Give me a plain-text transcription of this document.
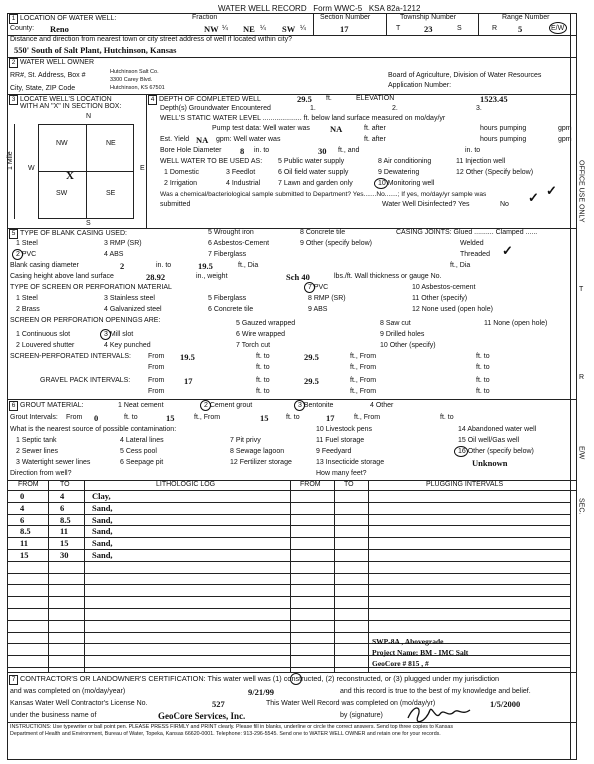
WATER WELL RECORD Form WWC-5 KSA 82a-1212
1 LOCATION OF WATER WELL:
County: Reno
Fraction
NW ¼ NE ¼ SW ¼
Section Number
17
Township Number
T	23	S
Range Number
R 5	E/W
Distance and direction from nearest town or city street address of well if located within city?
550' South of Salt Plant, Hutchinson, Kansas
2 WATER WELL OWNER
RR#, St. Address, Box #
City, State, ZIP Code
Hutchinson Salt Co.
3300 Carey Blvd.
Hutchinson, KS 67501
Board of Agriculture, Division of Water Resources
Application Number:
3 LOCATE WELL'S LOCATION
WITH AN "X" IN SECTION BOX:
N
S
W	E
1 Mile
NW	NE
SW	SE
X
4 DEPTH OF COMPLETED WELL	29.5 ft.	ELEVATION	1523.45
Depth(s) Groundwater Encountered	1.	2.	3.
WELL'S STATIC WATER LEVEL .................... ft. below land surface measured on mo/day/yr
Pump test data: Well water was NA	ft. after	hours pumping	gpm
Est. Yield NA gpm: Well water was	ft. after	hours pumping	gpm
Bore Hole Diameter 8 in. to	30 ft., and	in. to
WELL WATER TO BE USED AS: 5 Public water supply	8 Air conditioning	11 Injection well
1 Domestic	3 Feedlot	6 Oil field water supply	9 Dewatering	12 Other (Specify below)
2 Irrigation	4 Industrial	7 Lawn and garden only	10 Monitoring well
Was a chemical/bacteriological sample submitted to Department? Yes.......No.......; If yes, mo/day/yr sample was
submitted	Water Well Disinfected? Yes	No ✓ ✓
5 TYPE OF BLANK CASING USED:	5 Wrought iron	8 Concrete tile	CASING JOINTS: Glued .......... Clamped ......
1 Steel	3 RMP (SR)	6 Asbestos-Cement	9 Other (specify below)	Welded
2 PVC	4 ABS	7 Fiberglass	Threaded ✓
Blank casing diameter	2	in. to	19.5	ft., Dia	ft., Dia
Casing height above land surface	28.92	in., weight	Sch 40	lbs./ft. Wall thickness or gauge No.
TYPE OF SCREEN OR PERFORATION MATERIAL	7 PVC	10 Asbestos-cement
1 Steel	3 Stainless steel	5 Fiberglass	8 RMP (SR)	11 Other (specify)
2 Brass	4 Galvanized steel	6 Concrete tile	9 ABS	12 None used (open hole)
SCREEN OR PERFORATION OPENINGS ARE:	5 Gauzed wrapped	8 Saw cut	11 None (open hole)
1 Continuous slot	3 Mill slot	6 Wire wrapped	9 Drilled holes
2 Louvered shutter	4 Key punched	7 Torch cut	10 Other (specify)
SCREEN-PERFORATED INTERVALS: From 19.5	ft. to	29.5	ft., From	ft. to
From	ft. to	ft., From	ft. to
GRAVEL PACK INTERVALS:	From 17	ft. to	29.5	ft., From	ft. to
From	ft. to	ft., From	ft. to
6 GROUT MATERIAL:	1 Neat cement	2 Cement grout	3 Bentonite	4 Other
Grout Intervals: From 0	ft. to	15	ft., From	15	ft. to	17	ft., From	ft. to
What is the nearest source of possible contamination:	10 Livestock pens	14 Abandoned water well
1 Septic tank	4 Lateral lines	7 Pit privy	11 Fuel storage	15 Oil well/Gas well
2 Sewer lines	5 Cess pool	8 Sewage lagoon	9 Feedyard	16 Other (specify below)
3 Watertight sewer lines	6 Seepage pit	12 Fertilizer storage	13 Insecticide storage	Unknown
Direction from well?	How many feet?
FROM	TO	LITHOLOGIC LOG	FROM	TO	PLUGGING INTERVALS
0	4	Clay,
4	6	Sand,
6	8.5	Sand,
8.5	11	Sand,
11	15	Sand,
15	30	Sand,
SWP-8A , Abovegrade
Project Name: BM - IMC Salt
GeoCore # 815 , #
7 CONTRACTOR'S OR LANDOWNER'S CERTIFICATION: This water well was (1) constructed, (2) reconstructed, or (3) plugged under my jurisdiction
and was completed on (mo/day/year)	9/21/99	and this record is true to the best of my knowledge and belief.
Kansas Water Well Contractor's License No.	527	This Water Well Record was completed on (mo/day/yr)	1/5/2000
under the business name of	GeoCore Services, Inc.	by (signature)
INSTRUCTIONS: Use typewriter or ball point pen. PLEASE PRESS FIRMLY and PRINT clearly. Please fill in blanks, underline or circle the correct answers. Send top three copies to Kansas
Department of Health and Environment, Bureau of Water, Topeka, Kansas 66620-0001. Telephone: 913-296-5545. Send one to WATER WELL OWNER and retain one for your records.
OFFICE USE ONLY
T
R
E/W
SEC.
